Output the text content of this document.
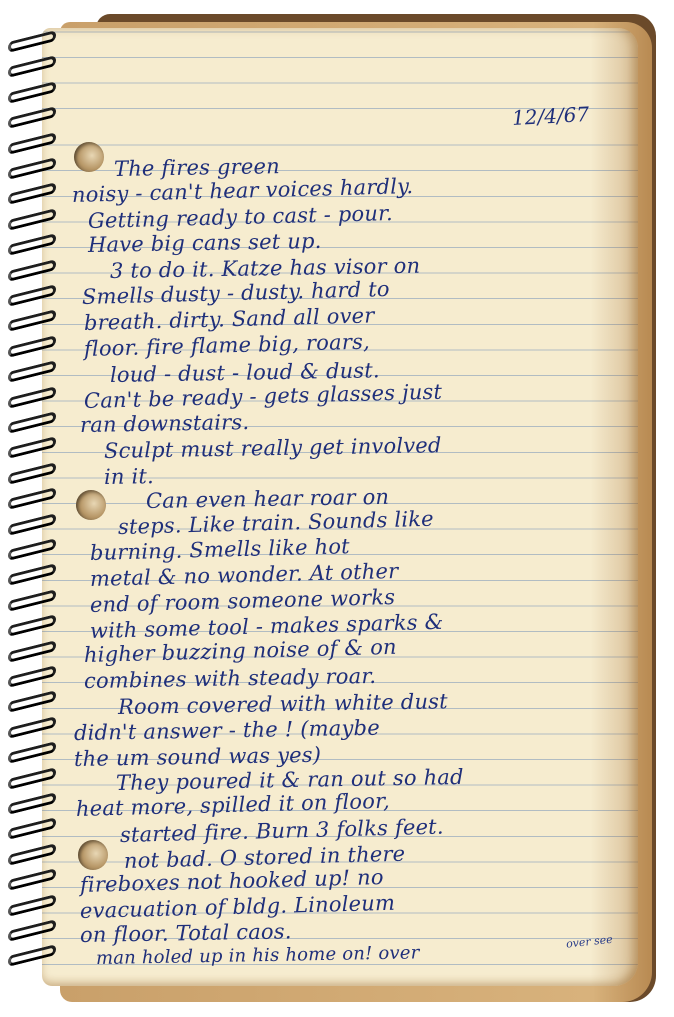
12/4/67

The fires green

noisy - can't hear voices hardly.

Getting ready to cast - pour.

Have big cans set up.

3 to do it. Katze has visor on

Smells dusty - dusty. hard to

breath. dirty. Sand all over

floor. fire flame big, roars,

loud - dust - loud & dust.

Can't be ready - gets glasses just

ran downstairs.

Sculpt must really get involved

in it.

Can even hear roar on

steps. Like train. Sounds like

burning. Smells like hot

metal & no wonder. At other

end of room someone works

with some tool - makes sparks &

higher buzzing noise of & on

combines with steady roar.

Room covered with white dust

didn't answer - the ! (maybe

the um sound was yes)

They poured it & ran out so had

heat more, spilled it on floor,

started fire. Burn 3 folks feet.

not bad. O stored in there

fireboxes not hooked up! no

evacuation of bldg. Linoleum

on floor. Total caos.

man holed up in his home on! over

over see
